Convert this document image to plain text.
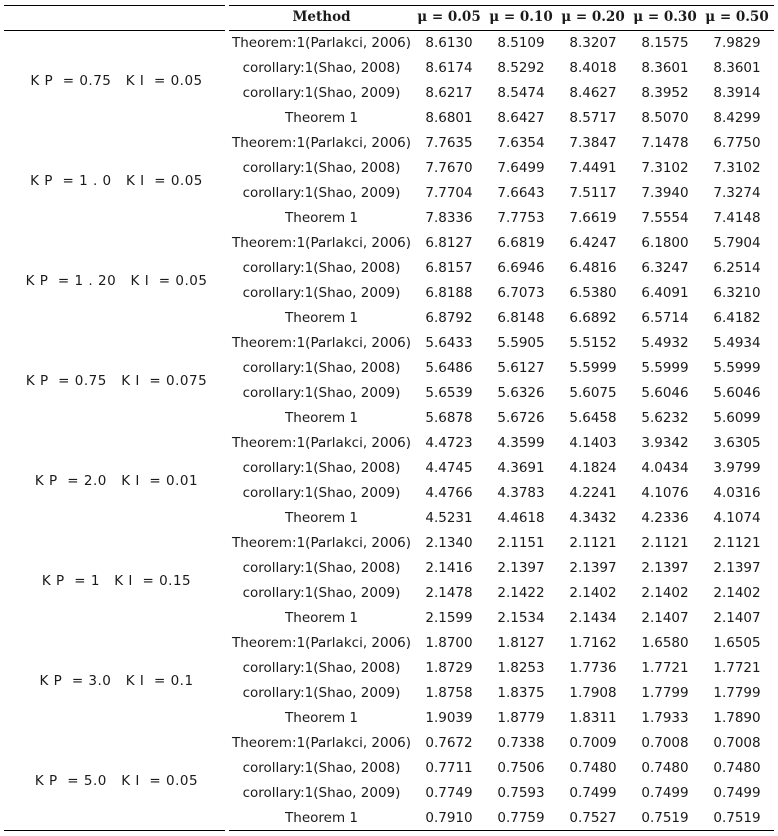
Method	μ = 0.05 μ = 0.10 μ = 0.20 μ = 0.30 μ = 0.50
K P  = 0.75   K I  = 0.05
Theorem:1(Parlakci, 2006)	8.6130	8.5109	8.3207	8.1575	7.9829
corollary:1(Shao, 2008)	8.6174	8.5292	8.4018	8.3601	8.3601
corollary:1(Shao, 2009)	8.6217	8.5474	8.4627	8.3952	8.3914
Theorem 1	8.6801	8.6427	8.5717	8.5070	8.4299
K P  = 1 . 0   K I  = 0.05
Theorem:1(Parlakci, 2006)	7.7635	7.6354	7.3847	7.1478	6.7750
corollary:1(Shao, 2008)	7.7670	7.6499	7.4491	7.3102	7.3102
corollary:1(Shao, 2009)	7.7704	7.6643	7.5117	7.3940	7.3274
Theorem 1	7.8336	7.7753	7.6619	7.5554	7.4148
K P  = 1 . 20   K I  = 0.05
Theorem:1(Parlakci, 2006)	6.8127	6.6819	6.4247	6.1800	5.7904
corollary:1(Shao, 2008)	6.8157	6.6946	6.4816	6.3247	6.2514
corollary:1(Shao, 2009)	6.8188	6.7073	6.5380	6.4091	6.3210
Theorem 1	6.8792	6.8148	6.6892	6.5714	6.4182
K P  = 0.75   K I  = 0.075
Theorem:1(Parlakci, 2006)	5.6433	5.5905	5.5152	5.4932	5.4934
corollary:1(Shao, 2008)	5.6486	5.6127	5.5999	5.5999	5.5999
corollary:1(Shao, 2009)	5.6539	5.6326	5.6075	5.6046	5.6046
Theorem 1	5.6878	5.6726	5.6458	5.6232	5.6099
K P  = 2.0   K I  = 0.01
Theorem:1(Parlakci, 2006)	4.4723	4.3599	4.1403	3.9342	3.6305
corollary:1(Shao, 2008)	4.4745	4.3691	4.1824	4.0434	3.9799
corollary:1(Shao, 2009)	4.4766	4.3783	4.2241	4.1076	4.0316
Theorem 1	4.5231	4.4618	4.3432	4.2336	4.1074
K P  = 1   K I  = 0.15
Theorem:1(Parlakci, 2006)	2.1340	2.1151	2.1121	2.1121	2.1121
corollary:1(Shao, 2008)	2.1416	2.1397	2.1397	2.1397	2.1397
corollary:1(Shao, 2009)	2.1478	2.1422	2.1402	2.1402	2.1402
Theorem 1	2.1599	2.1534	2.1434	2.1407	2.1407
K P  = 3.0   K I  = 0.1
Theorem:1(Parlakci, 2006)	1.8700	1.8127	1.7162	1.6580	1.6505
corollary:1(Shao, 2008)	1.8729	1.8253	1.7736	1.7721	1.7721
corollary:1(Shao, 2009)	1.8758	1.8375	1.7908	1.7799	1.7799
Theorem 1	1.9039	1.8779	1.8311	1.7933	1.7890
K P  = 5.0   K I  = 0.05
Theorem:1(Parlakci, 2006)	0.7672	0.7338	0.7009	0.7008	0.7008
corollary:1(Shao, 2008)	0.7711	0.7506	0.7480	0.7480	0.7480
corollary:1(Shao, 2009)	0.7749	0.7593	0.7499	0.7499	0.7499
Theorem 1	0.7910	0.7759	0.7527	0.7519	0.7519
